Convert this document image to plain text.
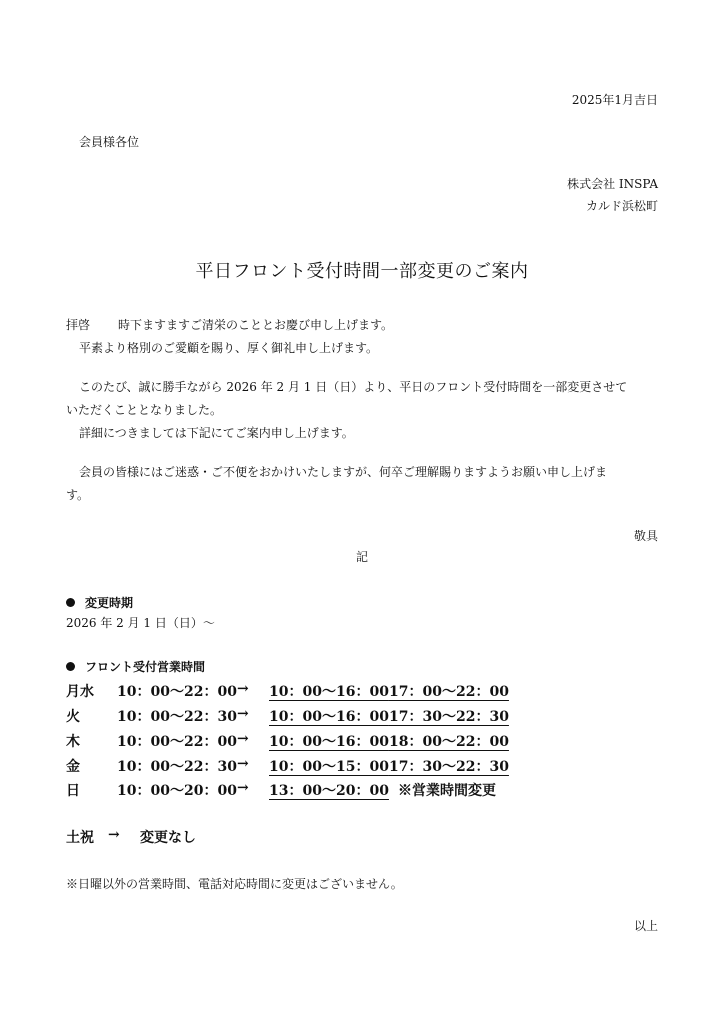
2025年1月吉日
会員様各位
株式会社 INSPA
カルド浜松町
平日フロント受付時間一部変更のご案内
拝啓 時下ますますご清栄のこととお慶び申し上げます。
平素より格別のご愛顧を賜り、厚く御礼申し上げます。
このたび、誠に勝手ながら 2026 年 2 月 1 日（日）より、平日のフロント受付時間を一部変更させて
いただくこととなりました。
詳細につきましては下記にてご案内申し上げます。
会員の皆様にはご迷惑・ご不便をおかけいたしますが、何卒ご理解賜りますようお願い申し上げま
す。
敬具
記
変更時期
2026 年 2 月 1 日（日）～
フロント受付営業時間
月水 10：00～22：00 → 10：00～16：00 17：00～22：00
火	10：00～22：30 → 10：00～16：00 17：30～22：30
木	10：00～22：00 → 10：00～16：00 18：00～22：00
金	10：00～22：30 → 10：00～15：00 17：30～22：30
日	10：00～20：00 → 13：00～20：00 ※営業時間変更
土祝 → 変更なし
※日曜以外の営業時間、電話対応時間に変更はございません。
以上
